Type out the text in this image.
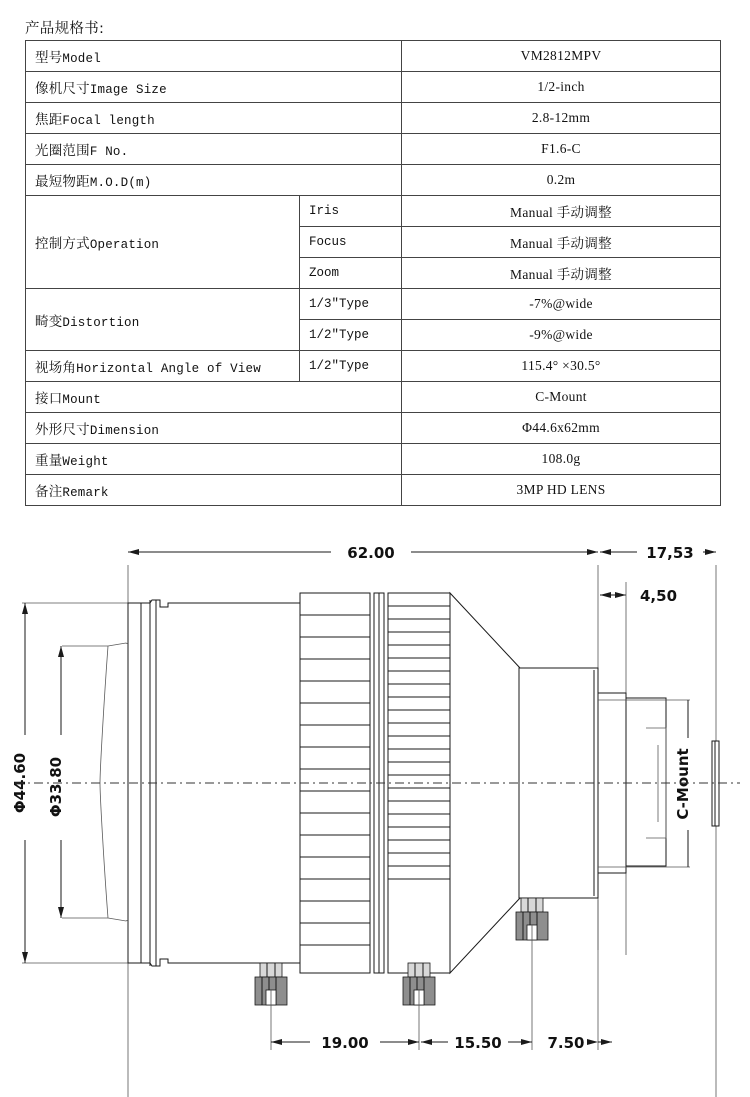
产品规格书:
型号Model		VM2812MPV
像机尺寸Image Size		1/2-inch
焦距Focal length		2.8-12mm
光圈范围F No.		F1.6-C
最短物距M.O.D(m)		0.2m
控制方式Operation	Iris	Manual 手动调整
	Focus	Manual 手动调整
	Zoom	Manual 手动调整
畸变Distortion	1/3″Type	-7%@wide
	1/2″Type	-9%@wide
视场角Horizontal Angle of View	1/2″Type	115.4° ×30.5°
接口Mount		C-Mount
外形尺寸Dimension		Φ44.6x62mm
重量Weight		108.0g
备注Remark		3MP HD LENS
62.00	17,53
4,50
Φ44.60 Φ33.80	C-Mount
19.00	15.50	7.50
